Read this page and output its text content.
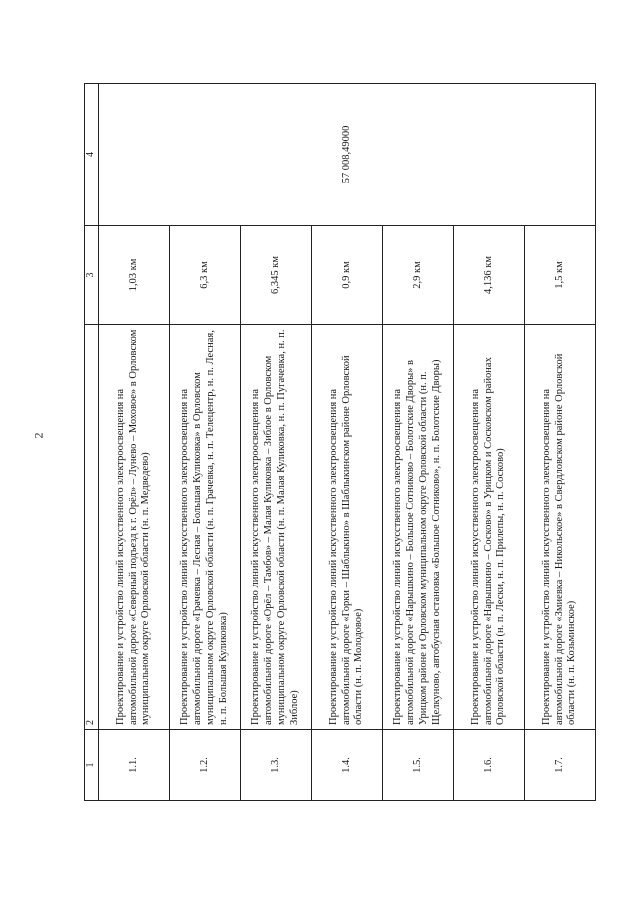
2
1	2	3	4
1.1.	Проектирование и устройство линий искусственного электроосвещения на автомобильной дороге «Северный подъезд к г. Орёл» – Лунево – Моховое» в Орловском муниципальном округе Орловской области (н. п. Медведево)	1,03 км	57 008,49000
1.2.	Проектирование и устройство линий искусственного электроосвещения на автомобильной дороге «Грачевка – Лесная – Большая Куликовка» в Орловском муниципальном округе Орловской области (н. п. Грачевка, н. п. Телецентр, н. п. Лесная, н. п. Большая Куликовка)	6,3 км	
1.3.	Проектирование и устройство линий искусственного электроосвещения на автомобильной дороге «Орёл – Тамбов» – Малая Куликовка – Зиблое в Орловском муниципальном округе Орловской области (н. п. Малая Куликовка, н. п. Пугачевка, н. п. Зиблое)	6,345 км	
1.4.	Проектирование и устройство линий искусственного электроосвещения на автомобильной дороге «Горки – Шаблыкино» в Шаблыкинском районе Орловской области (н. п. Молодовое)	0,9 км	
1.5.	Проектирование и устройство линий искусственного электроосвещения на автомобильной дороге «Нарышкино – Большое Сотниково – Болотские Дворы» в Урицком районе и Орловском муниципальном округе Орловской области (н. п. Щелкуново, автобусная остановка «Большое Сотниково», н. п. Болотские Дворы)	2,9 км	
1.6.	Проектирование и устройство линий искусственного электроосвещения на автомобильной дороге «Нарышкино – Сосково» в Урицком и Сосковском районах Орловской области (н. п. Лески, н. п. Прилепы, н. п. Сосково)	4,136 км	
1.7.	Проектирование и устройство линий искусственного электроосвещения на автомобильной дороге «Змиевка – Никольское» в Свердловском районе Орловской области (н. п. Козьминское)	1,5 км	
